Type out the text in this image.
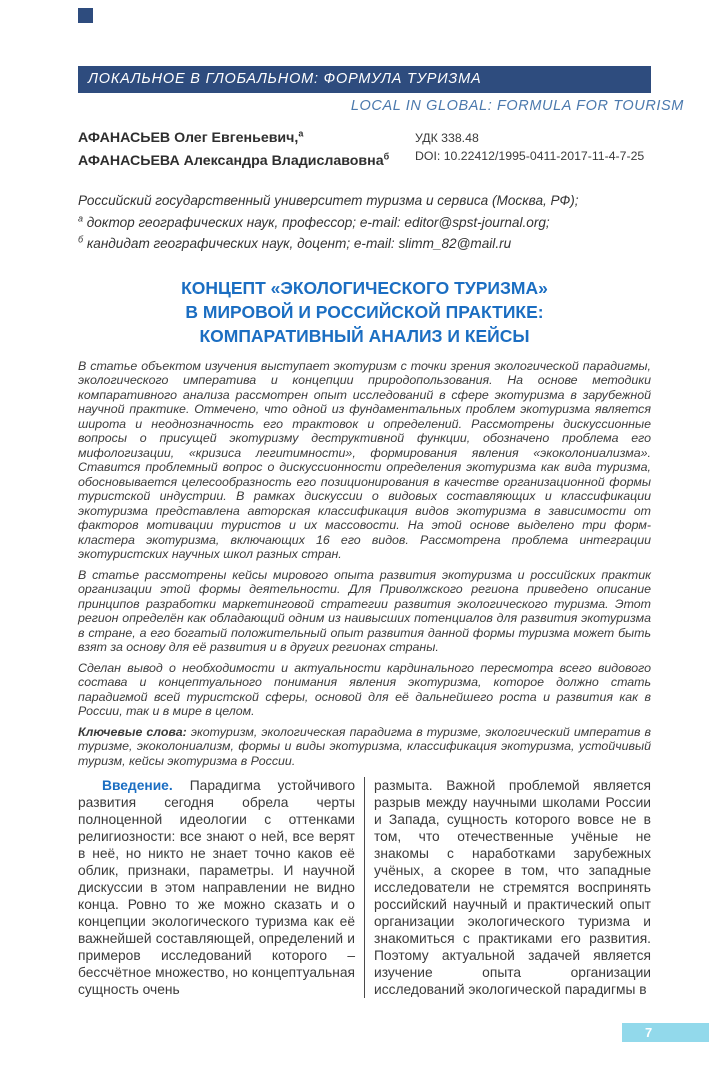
ЛОКАЛЬНОЕ В ГЛОБАЛЬНОМ: ФОРМУЛА ТУРИЗМА
LOCAL IN GLOBAL: FORMULA FOR TOURISM
АФАНАСЬЕВ Олег Евгеньевич,$^а$
АФАНАСЬЕВА Александра Владиславовна$^б$
УДК 338.48
DOI: 10.22412/1995-0411-2017-11-4-7-25
Российский государственный университет туризма и сервиса (Москва, РФ);
$^а$ доктор географических наук, профессор; e-mail: editor@spst-journal.org;
$^б$ кандидат географических наук, доцент; e-mail: slimm_82@mail.ru
КОНЦЕПТ «ЭКОЛОГИЧЕСКОГО ТУРИЗМА»
В МИРОВОЙ И РОССИЙСКОЙ ПРАКТИКЕ:
КОМПАРАТИВНЫЙ АНАЛИЗ И КЕЙСЫ

В статье объектом изучения выступает экотуризм с точки зрения экологической парадигмы, экологического императива и концепции природопользования. На основе методики компаративного анализа рассмотрен опыт исследований в сфере экотуризма в зарубежной научной практике. Отмечено, что одной из фундаментальных проблем экотуризма является широта и неоднозначность его трактовок и определений. Рассмотрены дискуссионные вопросы о присущей экотуризму деструктивной функции, обозначено проблема его мифологизации, «кризиса легитимности», формирования явления «экоколониализма». Ставится проблемный вопрос о дискуссионности определения экотуризма как вида туризма, обосновывается целесообразность его позиционирования в качестве организационной формы туристской индустрии. В рамках дискуссии о видовых составляющих и классификации экотуризма представлена авторская классификация видов экотуризма в зависимости от факторов мотивации туристов и их массовости. На этой основе выделено три форм-кластера экотуризма, включающих 16 его видов. Рассмотрена проблема интеграции экотуристских научных школ разных стран.

В статье рассмотрены кейсы мирового опыта развития экотуризма и российских практик организации этой формы деятельности. Для Приволжского региона приведено описание принципов разработки маркетинговой стратегии развития экологического туризма. Этот регион определён как обладающий одним из наивысших потенциалов для развития экотуризма в стране, а его богатый положительный опыт развития данной формы туризма может быть взят за основу для её развития и в других регионах страны.

Сделан вывод о необходимости и актуальности кардинального пересмотра всего видового состава и концептуального понимания явления экотуризма, которое должно стать парадигмой всей туристской сферы, основой для её дальнейшего роста и развития как в России, так и в мире в целом.

Ключевые слова: экотуризм, экологическая парадигма в туризме, экологический императив в туризме, экоколониализм, формы и виды экотуризма, классификация экотуризма, устойчивый туризм, кейсы экотуризма в России.

Введение. Парадигма устойчивого развития сегодня обрела черты полноценной идеологии с оттенками религиозности: все знают о ней, все верят в неё, но никто не знает точно каков её облик, признаки, параметры. И научной дискуссии в этом направлении не видно конца. Ровно то же можно сказать и о концепции экологического туризма как её важнейшей составляющей, определений и примеров исследований которого – бессчётное множество, но концептуальная сущность очень

размыта. Важной проблемой является разрыв между научными школами России и Запада, сущность которого вовсе не в том, что отечественные учёные не знакомы с наработками зарубежных учёных, а скорее в том, что западные исследователи не стремятся воспринять российский научный и практический опыт организации экологического туризма и знакомиться с практиками его развития. Поэтому актуальной задачей является изучение опыта организации исследований экологической парадигмы в

7
